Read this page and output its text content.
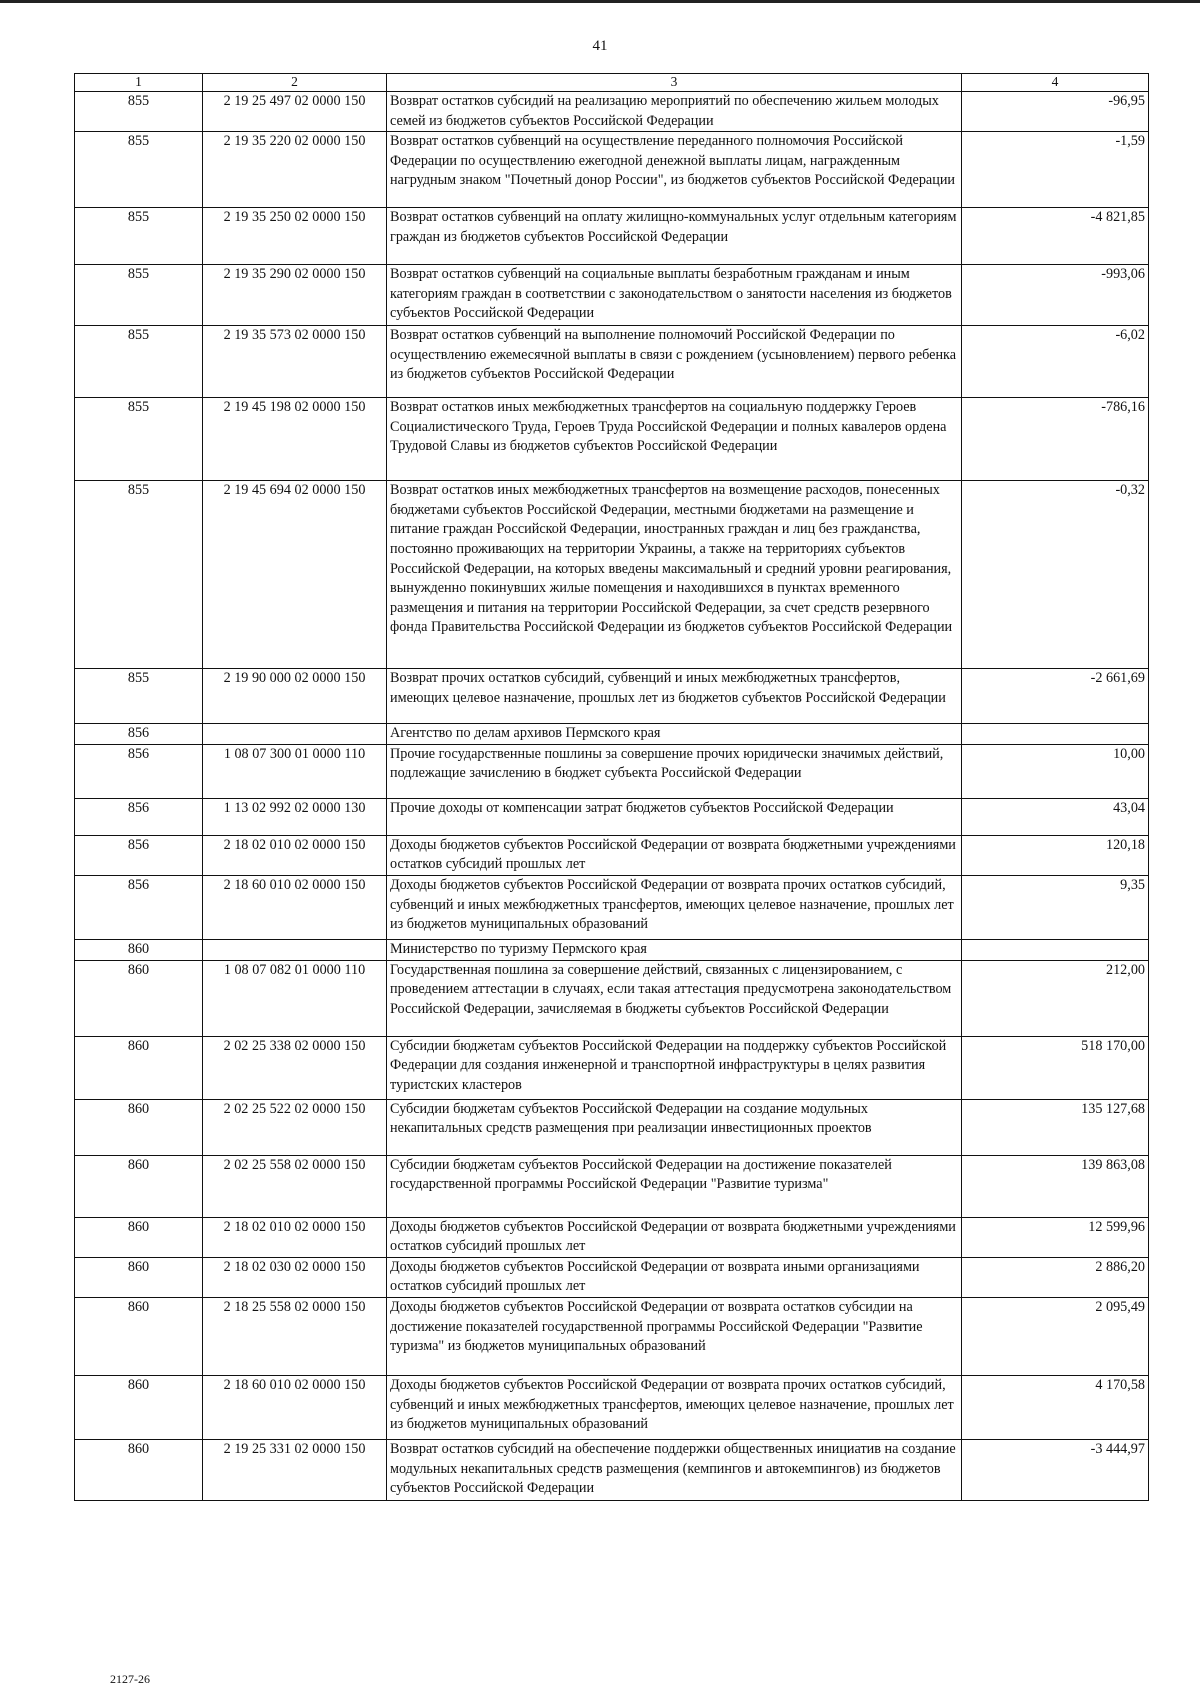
41
1	2	3	4
855	2 19 25 497 02 0000 150	Возврат остатков субсидий на реализацию мероприятий по обеспечению жильем молодых семей из бюджетов субъектов Российской Федерации	-96,95
855	2 19 35 220 02 0000 150	Возврат остатков субвенций на осуществление переданного полномочия Российской Федерации по осуществлению ежегодной денежной выплаты лицам, награжденным нагрудным знаком "Почетный донор России", из бюджетов субъектов Российской Федерации	-1,59
855	2 19 35 250 02 0000 150	Возврат остатков субвенций на оплату жилищно-коммунальных услуг отдельным категориям граждан из бюджетов субъектов Российской Федерации	-4 821,85
855	2 19 35 290 02 0000 150	Возврат остатков субвенций на социальные выплаты безработным гражданам и иным категориям граждан в соответствии с законодательством о занятости населения из бюджетов субъектов Российской Федерации	-993,06
855	2 19 35 573 02 0000 150	Возврат остатков субвенций на выполнение полномочий Российской Федерации по осуществлению ежемесячной выплаты в связи с рождением (усыновлением) первого ребенка из бюджетов субъектов Российской Федерации	-6,02
855	2 19 45 198 02 0000 150	Возврат остатков иных межбюджетных трансфертов на социальную поддержку Героев Социалистического Труда, Героев Труда Российской Федерации и полных кавалеров ордена Трудовой Славы из бюджетов субъектов Российской Федерации	-786,16
855	2 19 45 694 02 0000 150	Возврат остатков иных межбюджетных трансфертов на возмещение расходов, понесенных бюджетами субъектов Российской Федерации, местными бюджетами на размещение и питание граждан Российской Федерации, иностранных граждан и лиц без гражданства, постоянно проживающих на территории Украины, а также на территориях субъектов Российской Федерации, на которых введены максимальный и средний уровни реагирования, вынужденно покинувших жилые помещения и находившихся в пунктах временного размещения и питания на территории Российской Федерации, за счет средств резервного фонда Правительства Российской Федерации из бюджетов субъектов Российской Федерации	-0,32
855	2 19 90 000 02 0000 150	Возврат прочих остатков субсидий, субвенций и иных межбюджетных трансфертов, имеющих целевое назначение, прошлых лет из бюджетов субъектов Российской Федерации	-2 661,69
856		Агентство по делам архивов Пермского края	
856	1 08 07 300 01 0000 110	Прочие государственные пошлины за совершение прочих юридически значимых действий, подлежащие зачислению в бюджет субъекта Российской Федерации	10,00
856	1 13 02 992 02 0000 130	Прочие доходы от компенсации затрат бюджетов субъектов Российской Федерации	43,04
856	2 18 02 010 02 0000 150	Доходы бюджетов субъектов Российской Федерации от возврата бюджетными учреждениями остатков субсидий прошлых лет	120,18
856	2 18 60 010 02 0000 150	Доходы бюджетов субъектов Российской Федерации от возврата прочих остатков субсидий, субвенций и иных межбюджетных трансфертов, имеющих целевое назначение, прошлых лет из бюджетов муниципальных образований	9,35
860		Министерство по туризму Пермского края	
860	1 08 07 082 01 0000 110	Государственная пошлина за совершение действий, связанных с лицензированием, с проведением аттестации в случаях, если такая аттестация предусмотрена законодательством Российской Федерации, зачисляемая в бюджеты субъектов Российской Федерации	212,00
860	2 02 25 338 02 0000 150	Субсидии бюджетам субъектов Российской Федерации на поддержку субъектов Российской Федерации для создания инженерной и транспортной инфраструктуры в целях развития туристских кластеров	518 170,00
860	2 02 25 522 02 0000 150	Субсидии бюджетам субъектов Российской Федерации на создание модульных некапитальных средств размещения при реализации инвестиционных проектов	135 127,68
860	2 02 25 558 02 0000 150	Субсидии бюджетам субъектов Российской Федерации на достижение показателей государственной программы Российской Федерации "Развитие туризма"	139 863,08
860	2 18 02 010 02 0000 150	Доходы бюджетов субъектов Российской Федерации от возврата бюджетными учреждениями остатков субсидий прошлых лет	12 599,96
860	2 18 02 030 02 0000 150	Доходы бюджетов субъектов Российской Федерации от возврата иными организациями остатков субсидий прошлых лет	2 886,20
860	2 18 25 558 02 0000 150	Доходы бюджетов субъектов Российской Федерации от возврата остатков субсидии на достижение показателей государственной программы Российской Федерации "Развитие туризма" из бюджетов муниципальных образований	2 095,49
860	2 18 60 010 02 0000 150	Доходы бюджетов субъектов Российской Федерации от возврата прочих остатков субсидий, субвенций и иных межбюджетных трансфертов, имеющих целевое назначение, прошлых лет из бюджетов муниципальных образований	4 170,58
860	2 19 25 331 02 0000 150	Возврат остатков субсидий на обеспечение поддержки общественных инициатив на создание модульных некапитальных средств размещения (кемпингов и автокемпингов) из бюджетов субъектов Российской Федерации	-3 444,97
2127-26
